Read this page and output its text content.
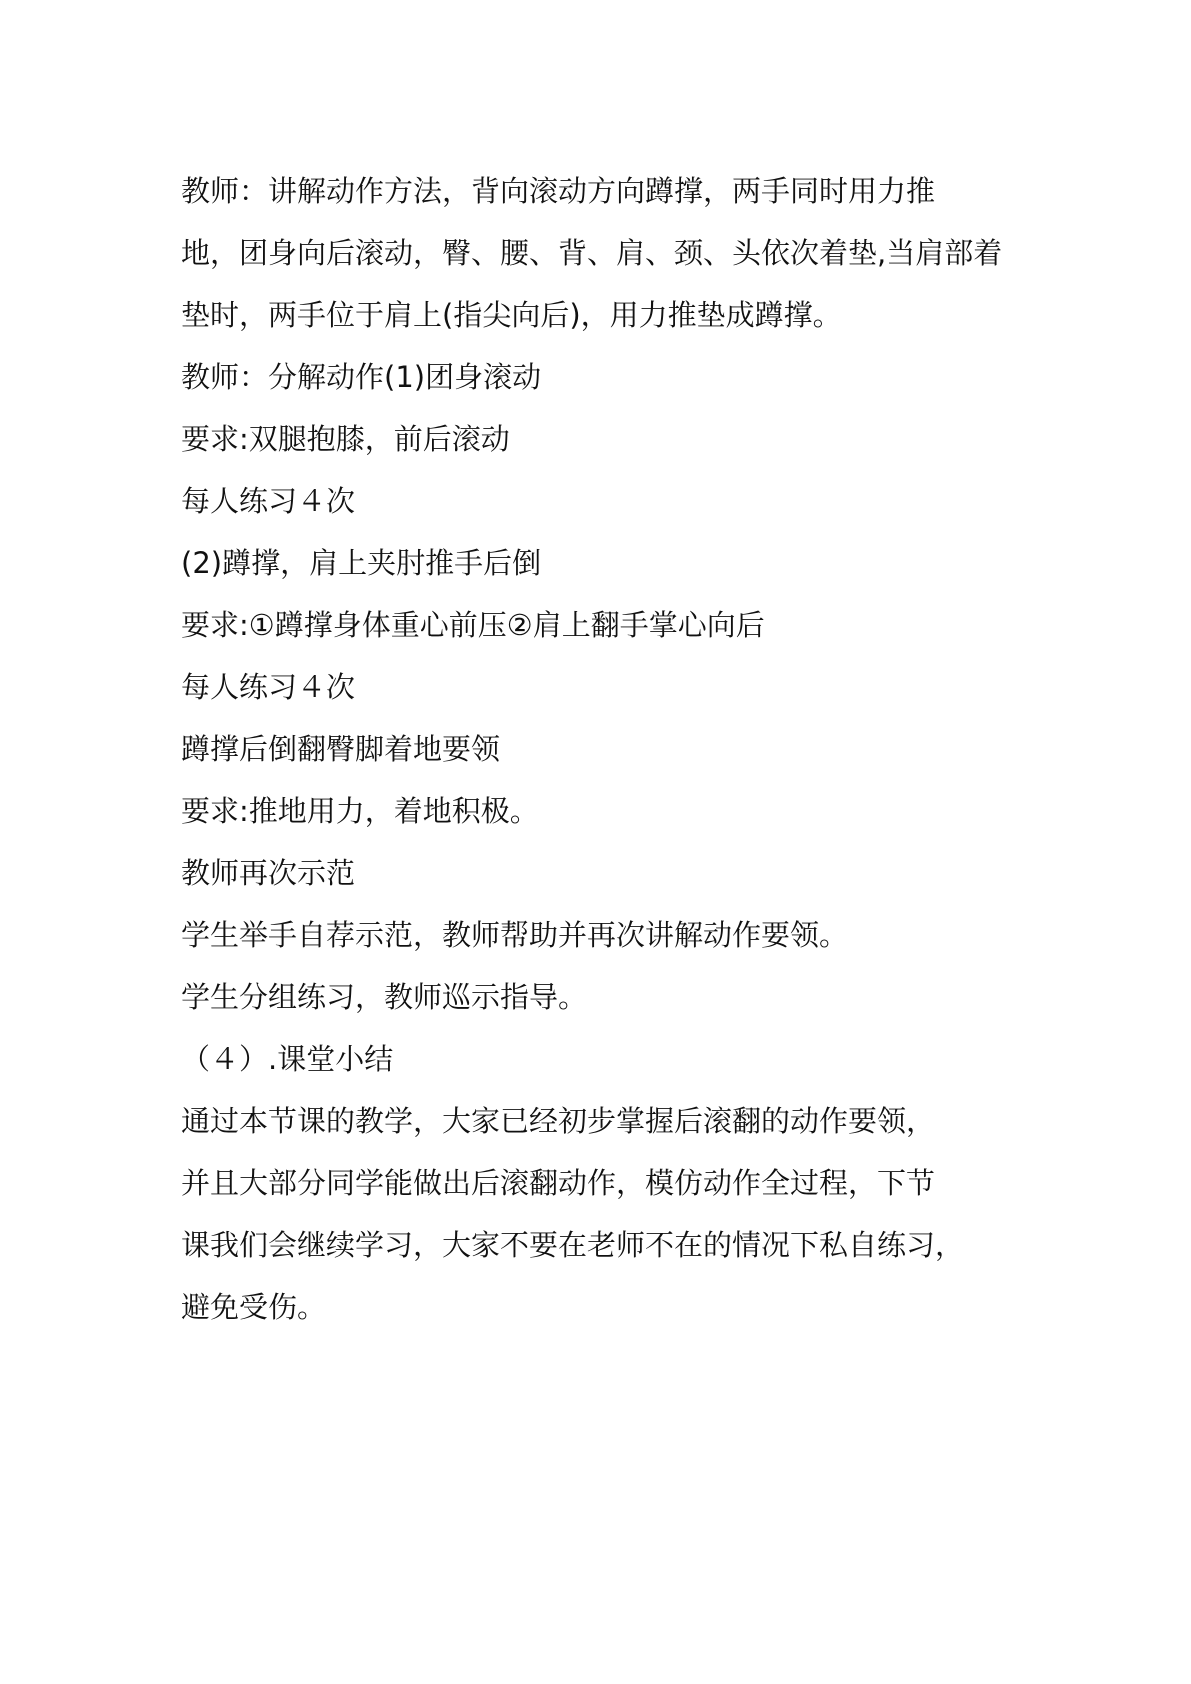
教师：讲解动作方法，背向滚动方向蹲撑，两手同时用力推
地，团身向后滚动，臀、腰、背、肩、颈、头依次着垫,当肩部着
垫时，两手位于肩上(指尖向后)，用力推垫成蹲撑。
教师：分解动作(1)团身滚动
要求:双腿抱膝，前后滚动
每人练习４次
(2)蹲撑，肩上夹肘推手后倒
要求:①蹲撑身体重心前压②肩上翻手掌心向后
每人练习４次
蹲撑后倒翻臀脚着地要领
要求:推地用力，着地积极。
教师再次示范
学生举手自荐示范，教师帮助并再次讲解动作要领。
学生分组练习，教师巡示指导。
（４）.课堂小结
通过本节课的教学，大家已经初步掌握后滚翻的动作要领，
并且大部分同学能做出后滚翻动作，模仿动作全过程，下节
课我们会继续学习，大家不要在老师不在的情况下私自练习，
避免受伤。
